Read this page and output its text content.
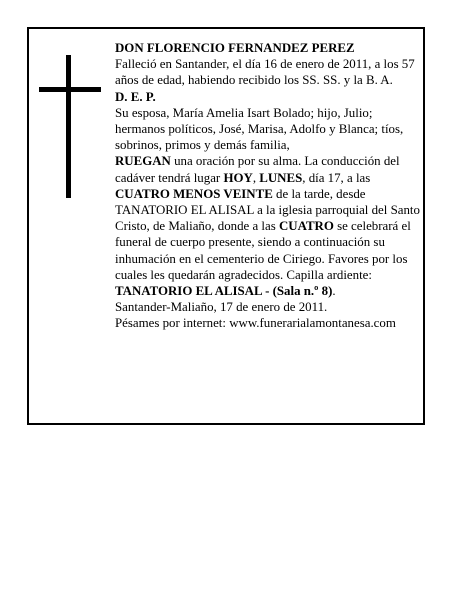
DON FLORENCIO FERNANDEZ PEREZ

Falleció en Santander, el día 16 de enero de 2011, a los 57 años de edad, habiendo recibido los SS. SS. y la B. A.

D. E. P.

Su esposa, María Amelia Isart Bolado; hijo, Julio; hermanos políticos, José, Marisa, Adolfo y Blanca; tíos, sobrinos, primos y demás familia,

RUEGAN una oración por su alma. La conducción del cadáver tendrá lugar HOY, LUNES, día 17, a las CUATRO MENOS VEINTE de la tarde, desde TANATORIO EL ALISAL a la iglesia parroquial del Santo Cristo, de Maliaño, donde a las CUATRO se celebrará el funeral de cuerpo presente, siendo a continuación su inhumación en el cementerio de Ciriego. Favores por los cuales les quedarán agradecidos. Capilla ardiente: TANATORIO EL ALISAL - (Sala n.º 8).

Santander-Maliaño, 17 de enero de 2011.

Pésames por internet: www.funerarialamontanesa.com
